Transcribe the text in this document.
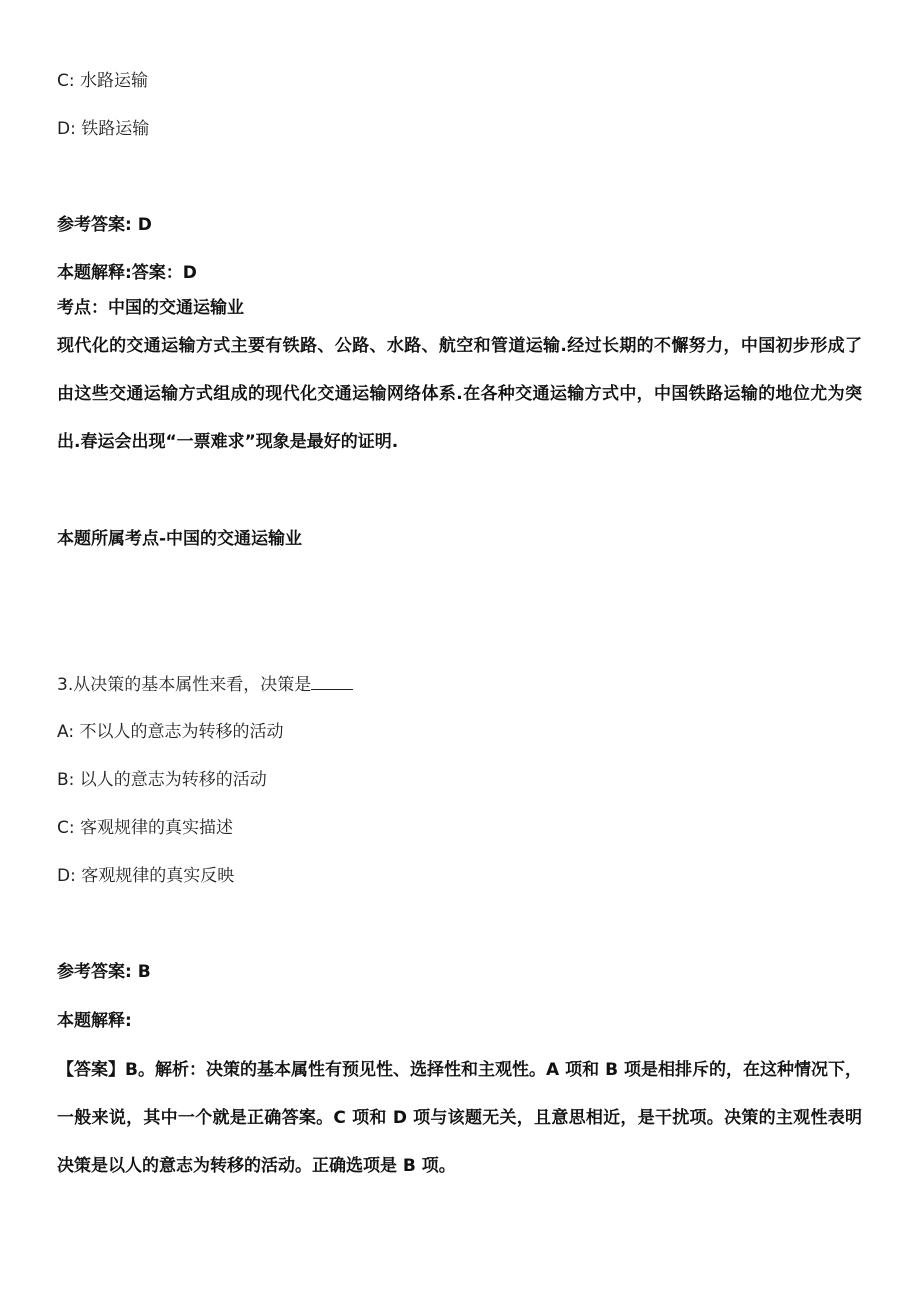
C: 水路运输
D: 铁路运输
参考答案: D
本题解释:答案：D
考点：中国的交通运输业
现代化的交通运输方式主要有铁路、公路、水路、航空和管道运输.经过长期的不懈努力，中国初步形成了由这些交通运输方式组成的现代化交通运输网络体系.在各种交通运输方式中，中国铁路运输的地位尤为突出.春运会出现“一票难求”现象是最好的证明.
本题所属考点-中国的交通运输业
3.从决策的基本属性来看，决策是
A: 不以人的意志为转移的活动
B: 以人的意志为转移的活动
C: 客观规律的真实描述
D: 客观规律的真实反映
参考答案: B
本题解释:
【答案】B。解析：决策的基本属性有预见性、选择性和主观性。A 项和 B 项是相排斥的，在这种情况下，一般来说，其中一个就是正确答案。C 项和 D 项与该题无关，且意思相近，是干扰项。决策的主观性表明决策是以人的意志为转移的活动。正确选项是 B 项。
